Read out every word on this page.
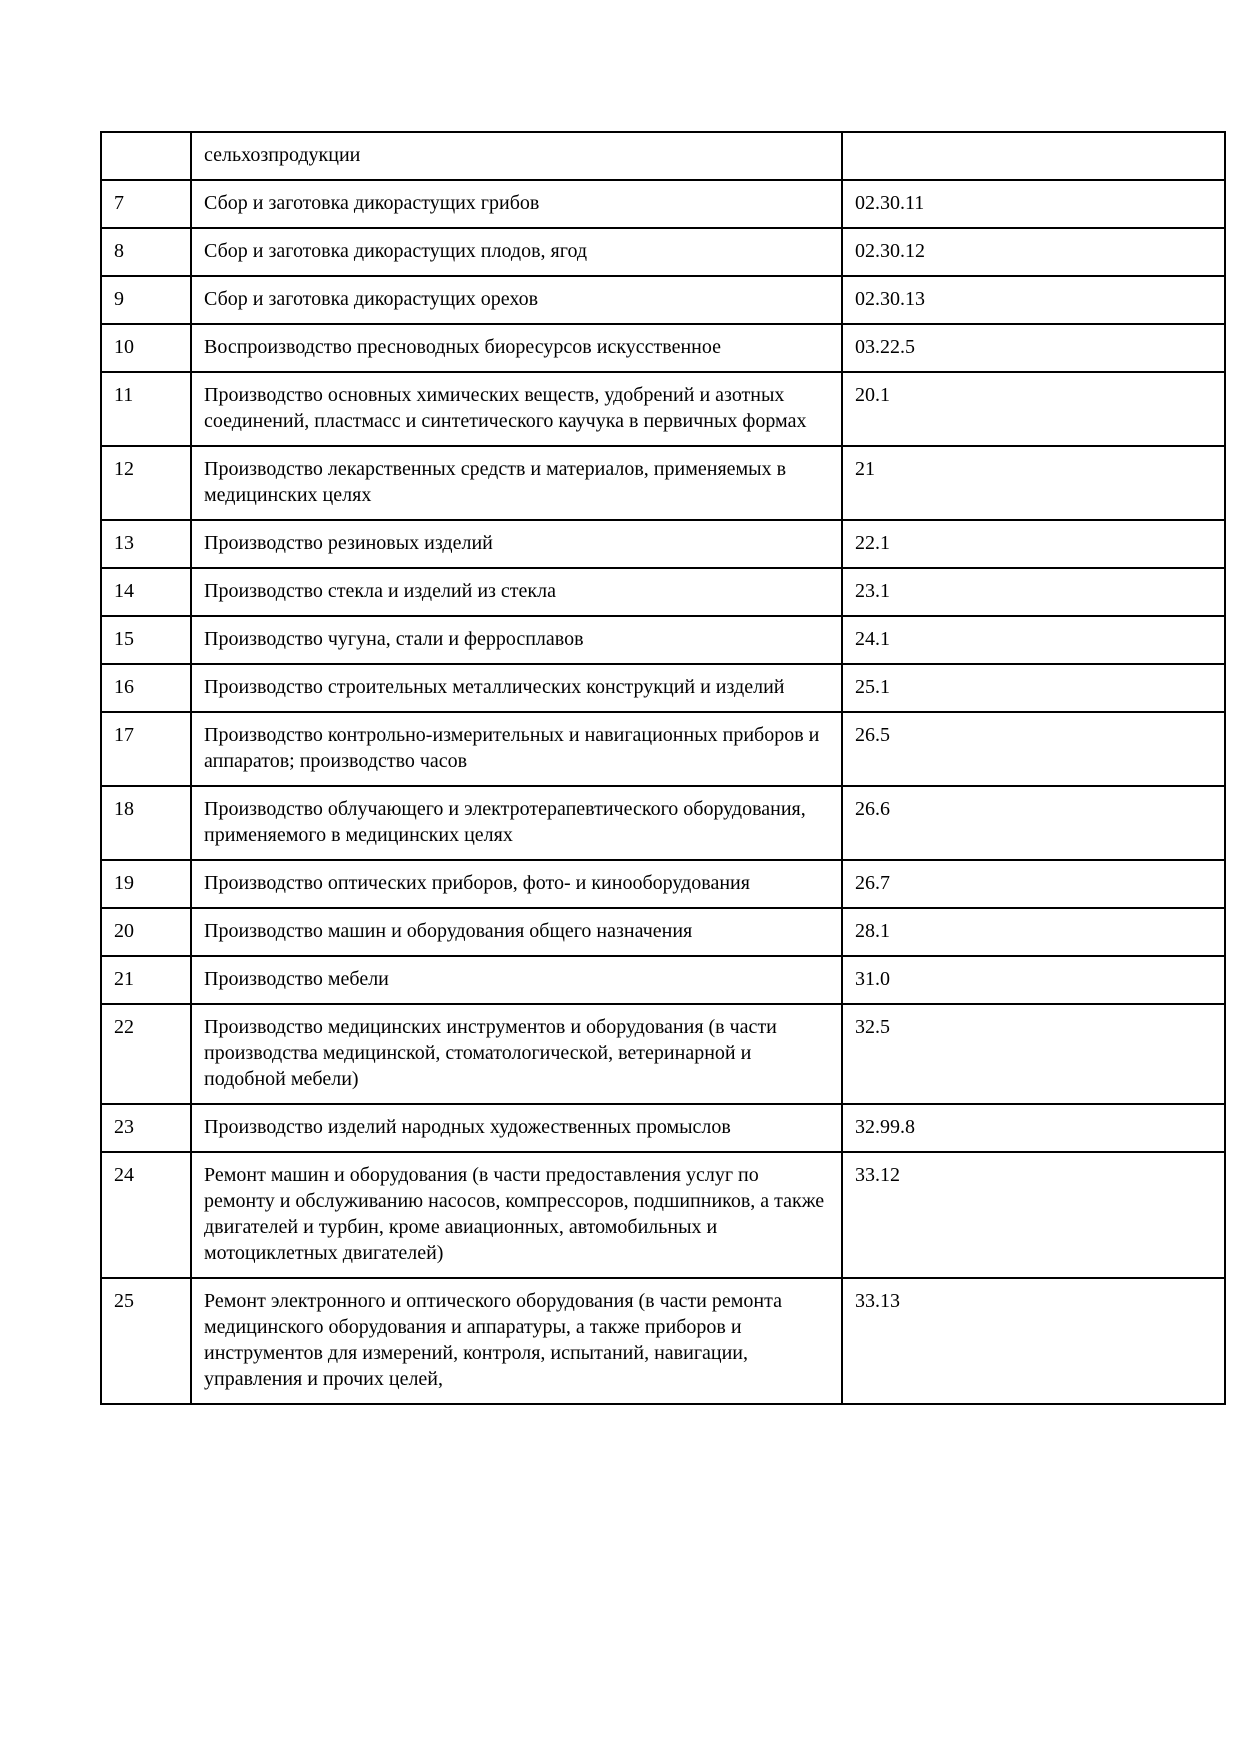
	сельхозпродукции	
7	Сбор и заготовка дикорастущих грибов	02.30.11
8	Сбор и заготовка дикорастущих плодов, ягод	02.30.12
9	Сбор и заготовка дикорастущих орехов	02.30.13
10	Воспроизводство пресноводных биоресурсов искусственное	03.22.5
11	Производство основных химических веществ, удобрений и азотных соединений, пластмасс и синтетического каучука в первичных формах	20.1
12	Производство лекарственных средств и материалов, применяемых в медицинских целях	21
13	Производство резиновых изделий	22.1
14	Производство стекла и изделий из стекла	23.1
15	Производство чугуна, стали и ферросплавов	24.1
16	Производство строительных металлических конструкций и изделий	25.1
17	Производство контрольно-измерительных и навигационных приборов и аппаратов; производство часов	26.5
18	Производство облучающего и электротерапевтического оборудования, применяемого в медицинских целях	26.6
19	Производство оптических приборов, фото- и кинооборудования	26.7
20	Производство машин и оборудования общего назначения	28.1
21	Производство мебели	31.0
22	Производство медицинских инструментов и оборудования (в части производства медицинской, стоматологической, ветеринарной и подобной мебели)	32.5
23	Производство изделий народных художественных промыслов	32.99.8
24	Ремонт машин и оборудования (в части предоставления услуг по ремонту и обслуживанию насосов, компрессоров, подшипников, а также двигателей и турбин, кроме авиационных, автомобильных и мотоциклетных двигателей)	33.12
25	Ремонт электронного и оптического оборудования (в части ремонта медицинского оборудования и аппаратуры, а также приборов и инструментов для измерений, контроля, испытаний, навигации, управления и прочих целей,	33.13
